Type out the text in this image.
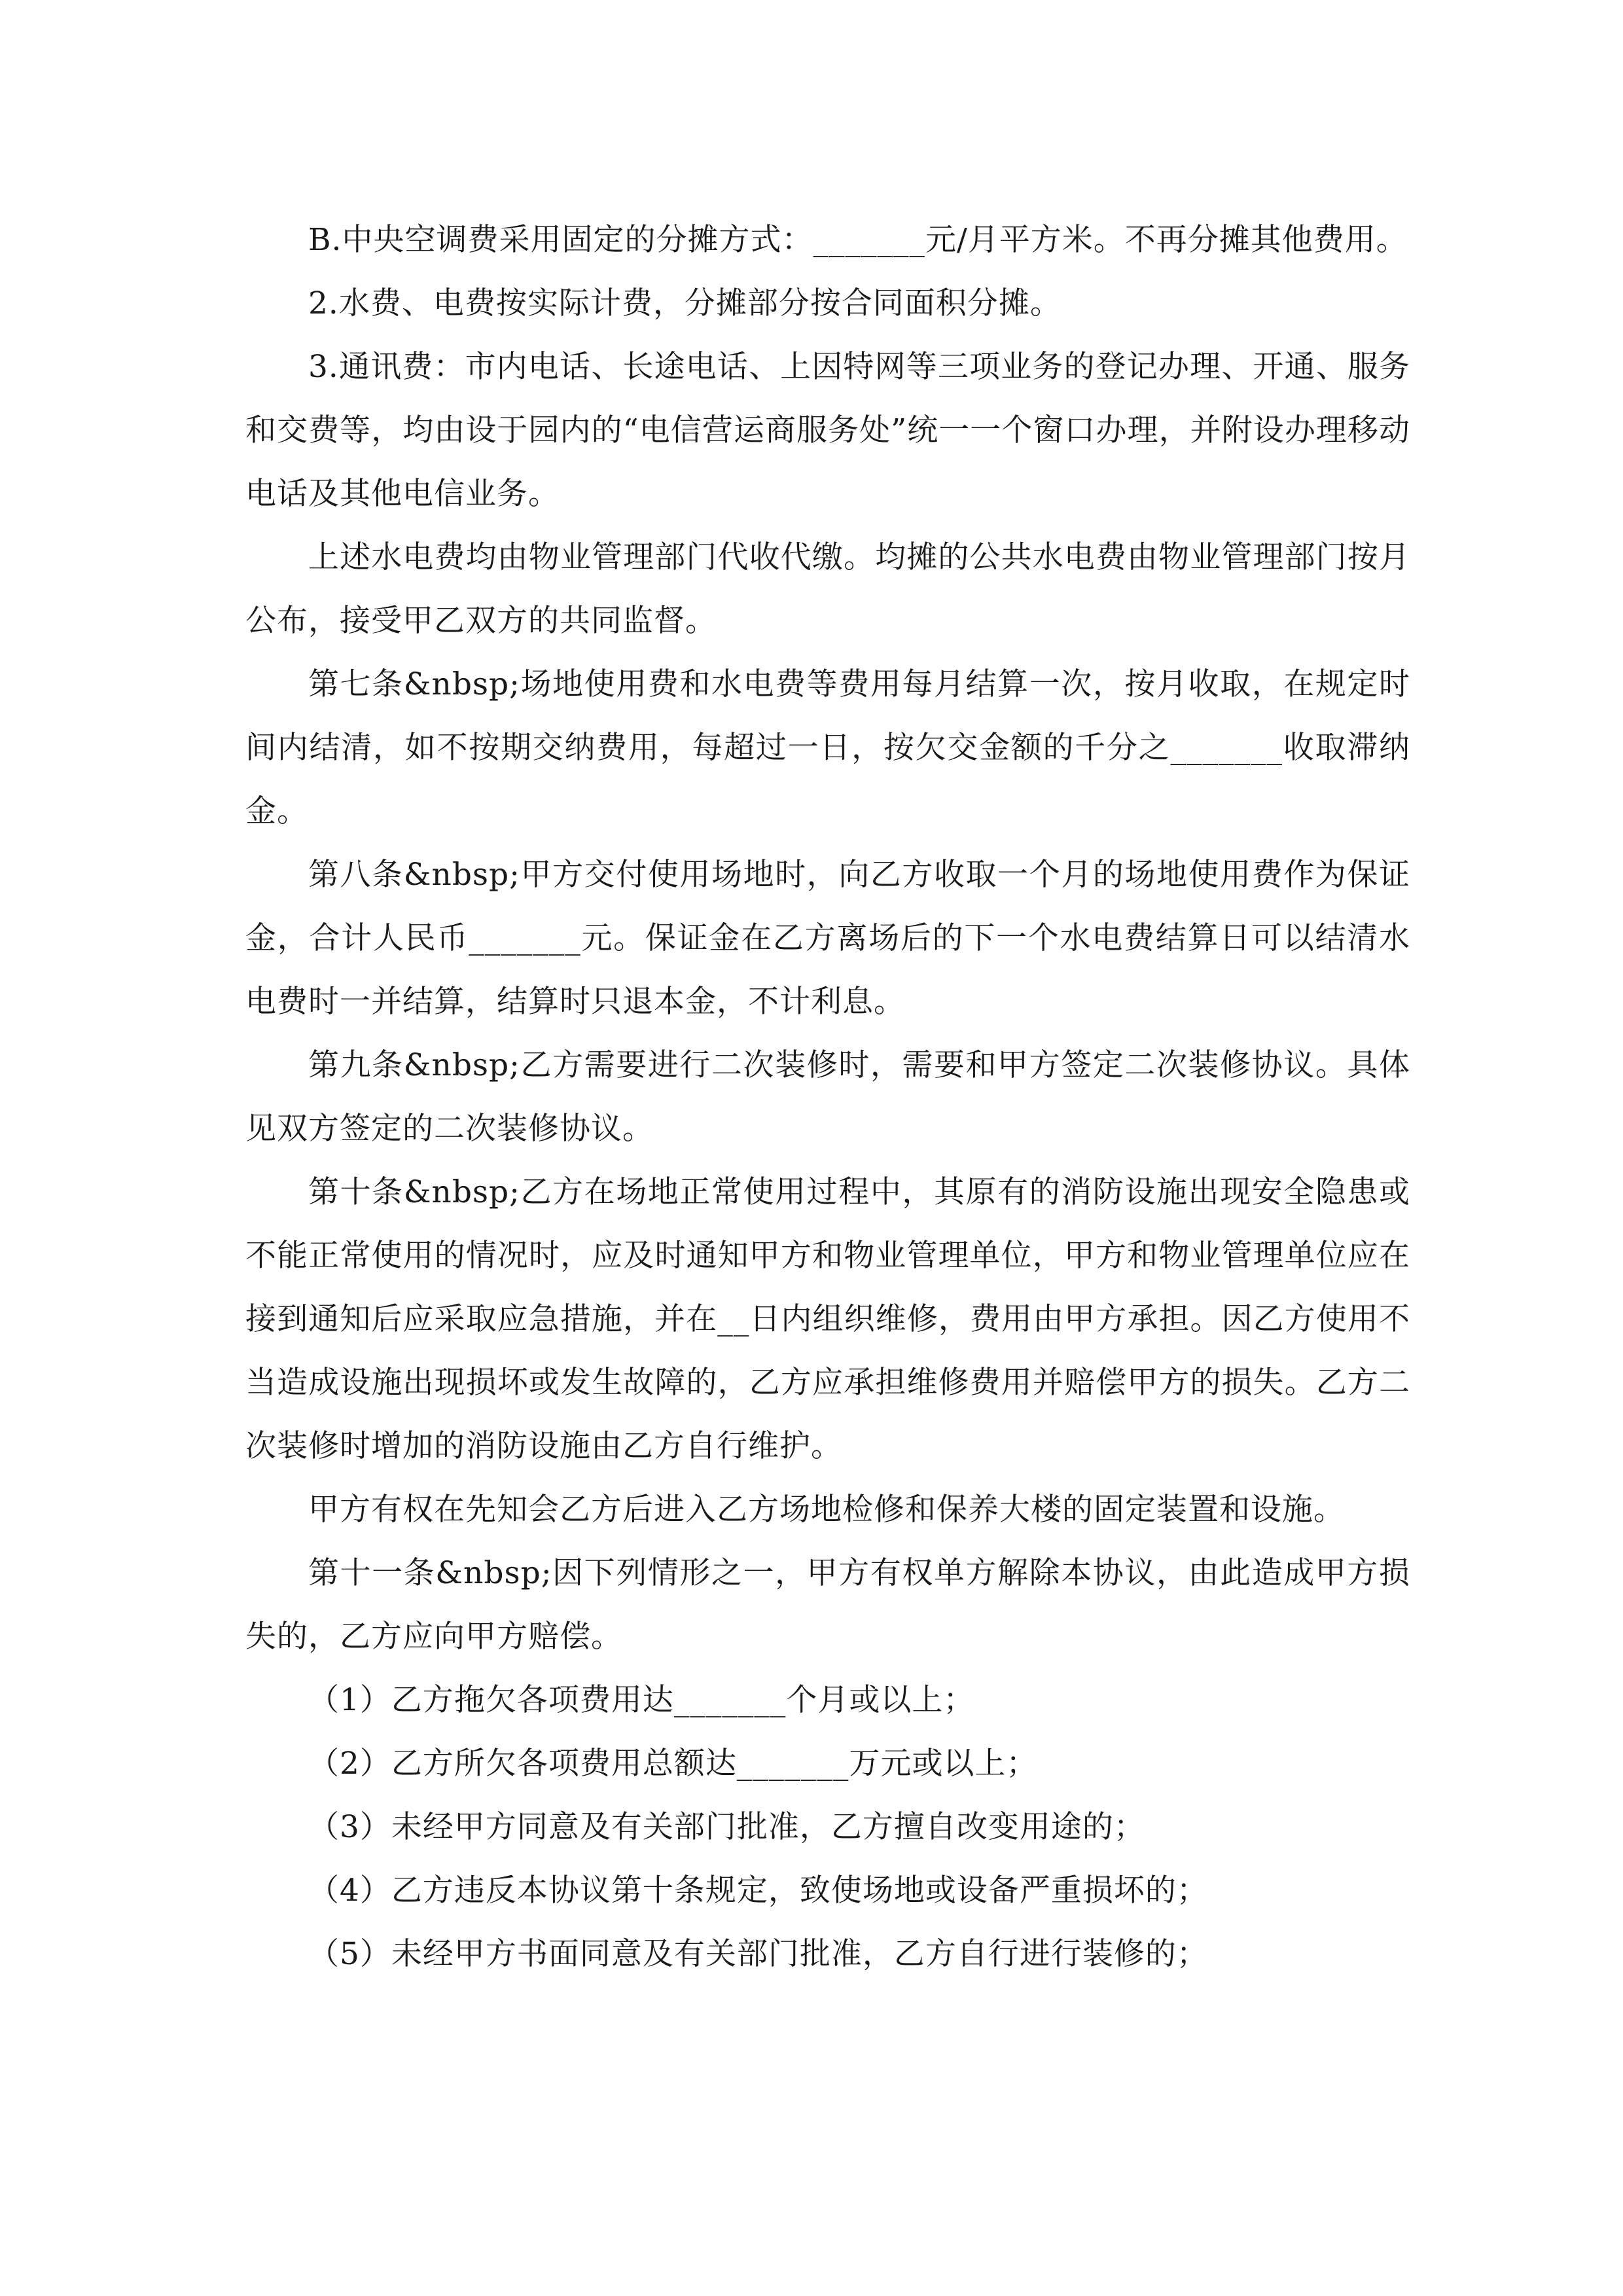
B.中央空调费采用固定的分摊方式：_______元/月平方米。不再分摊其他费用。

2.水费、电费按实际计费，分摊部分按合同面积分摊。

3.通讯费：市内电话、长途电话、上因特网等三项业务的登记办理、开通、服务和交费等，均由设于园内的“电信营运商服务处”统一一个窗口办理，并附设办理移动电话及其他电信业务。

上述水电费均由物业管理部门代收代缴。均摊的公共水电费由物业管理部门按月公布，接受甲乙双方的共同监督。

第七条&nbsp;场地使用费和水电费等费用每月结算一次，按月收取，在规定时间内结清，如不按期交纳费用，每超过一日，按欠交金额的千分之_______收取滞纳金。

第八条&nbsp;甲方交付使用场地时，向乙方收取一个月的场地使用费作为保证金，合计人民币_______元。保证金在乙方离场后的下一个水电费结算日可以结清水电费时一并结算，结算时只退本金，不计利息。

第九条&nbsp;乙方需要进行二次装修时，需要和甲方签定二次装修协议。具体见双方签定的二次装修协议。

第十条&nbsp;乙方在场地正常使用过程中，其原有的消防设施出现安全隐患或不能正常使用的情况时，应及时通知甲方和物业管理单位，甲方和物业管理单位应在接到通知后应采取应急措施，并在__日内组织维修，费用由甲方承担。因乙方使用不当造成设施出现损坏或发生故障的，乙方应承担维修费用并赔偿甲方的损失。乙方二次装修时增加的消防设施由乙方自行维护。

甲方有权在先知会乙方后进入乙方场地检修和保养大楼的固定装置和设施。

第十一条&nbsp;因下列情形之一，甲方有权单方解除本协议，由此造成甲方损失的，乙方应向甲方赔偿。

（1）乙方拖欠各项费用达_______个月或以上；

（2）乙方所欠各项费用总额达_______万元或以上；

（3）未经甲方同意及有关部门批准，乙方擅自改变用途的；

（4）乙方违反本协议第十条规定，致使场地或设备严重损坏的；

（5）未经甲方书面同意及有关部门批准，乙方自行进行装修的；
